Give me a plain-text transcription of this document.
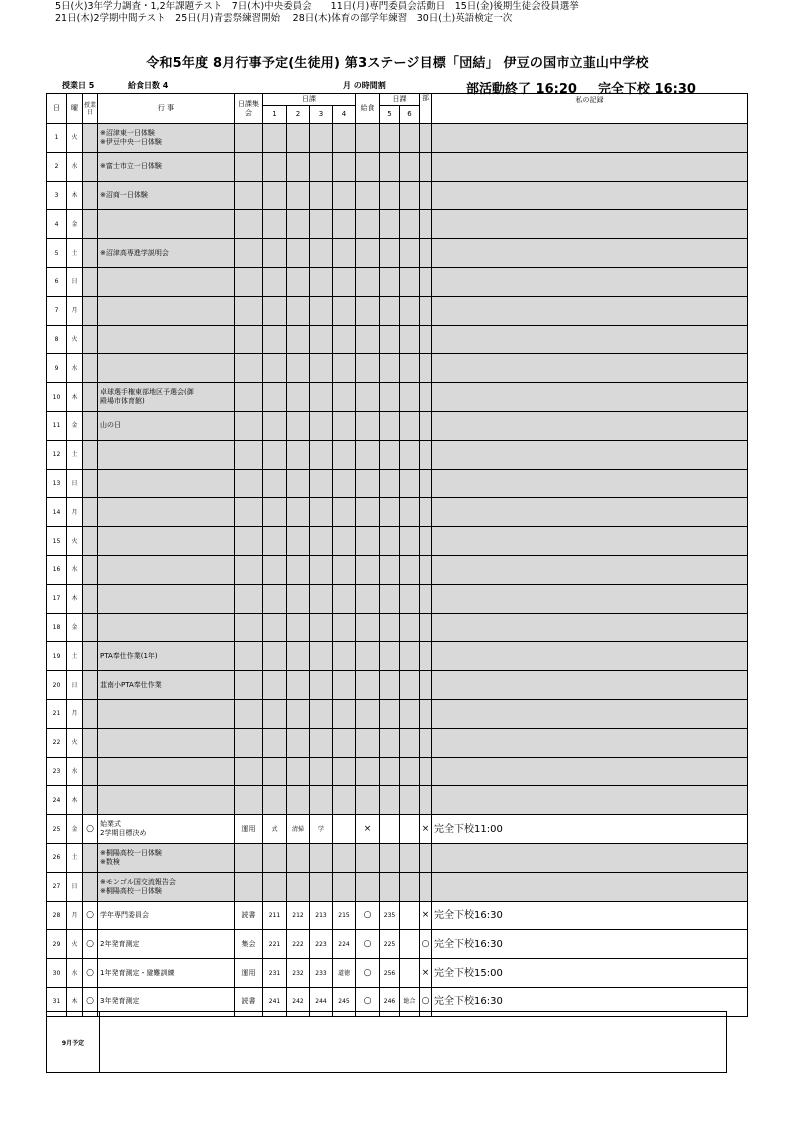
令和5年度 8月行事予定(生徒用) 第3ステージ目標「団結」 伊豆の国市立韮山中学校
授業日 5	給食日数 4	月 の時間割	部活動終了 16:20 完全下校 16:30
日	曜	授業日	行 事	日課集会	日課				給食	日課		部	私の記録
					1	2	3	4		5	6		
1	火		※沼津東一日体験
※伊豆中央一日体験										
2	水		※富士市立一日体験										
3	木		※沼商一日体験										
4	金												
5	土		※沼津高専進学説明会										
6	日												
7	月												
8	火												
9	水												
10	木		卓球選手権東部地区予選会(御
殿場市体育館)										
11	金		山の日										
12	土												
13	日												
14	月												
15	火												
16	水												
17	木												
18	金												
19	土		PTA奉仕作業(1年)										
20	日		韮南小PTA奉仕作業										
21	月												
22	火												
23	水												
24	木												
25	金	○	始業式
2学期目標決め	運用	式	清掃	学		×			×	完全下校11:00
26	土		※桐陽高校一日体験
※数検										
27	日		※モンゴル国交流報告会
※桐陽高校一日体験										
28	月	○	学年専門委員会	読書	211	212	213	215	○	235		×	完全下校16:30
29	火	○	2年発育測定	集会	221	222	223	224	○	225		○	完全下校16:30
30	水	○	1年発育測定・避難訓練	運用	231	232	233	道徳	○	256		×	完全下校15:00
31	木	○	3年発育測定	読書	241	242	244	245	○	246	総合	○	完全下校16:30
9月予定
5日(火)3年学力調査・1,2年課題テスト　7日(木)中央委員会　　11日(月)専門委員会活動日　15日(金)後期生徒会役員選挙
21日(木)2学期中間テスト　25日(月)青雲祭練習開始　 28日(木)体育の部学年練習　30日(土)英語検定一次
